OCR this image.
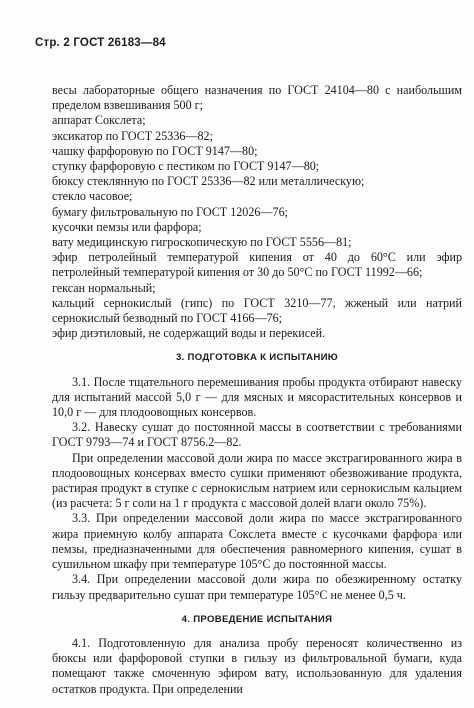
Стр. 2 ГОСТ 26183—84

весы лабораторные общего назначения по ГОСТ 24104—80 с наибольшим пределом взвешивания 500 г;

аппарат Сокслета;

эксикатор по ГОСТ 25336—82;

чашку фарфоровую по ГОСТ 9147—80;

ступку фарфоровую с пестиком по ГОСТ 9147—80;

бюксу стеклянную по ГОСТ 25336—82 или металлическую;

стекло часовое;

бумагу фильтровальную по ГОСТ 12026—76;

кусочки пемзы или фарфора;

вату медицинскую гигроскопическую по ГОСТ 5556—81;

эфир петролейный температурой кипения от 40 до 60°С или эфир петролейный температурой кипения от 30 до 50°С по ГОСТ 11992—66;

гексан нормальный;

кальций сернокислый (гипс) по ГОСТ 3210—77, жженый или натрий сернокислый безводный по ГОСТ 4166—76;

эфир диэтиловый, не содержащий воды и перекисей.

3. ПОДГОТОВКА К ИСПЫТАНИЮ

3.1. После тщательного перемешивания пробы продукта отбирают навеску для испытаний массой 5,0 г — для мясных и мясорастительных консервов и 10,0 г — для плодоовощных консервов.

3.2. Навеску сушат до постоянной массы в соответствии с требованиями ГОСТ 9793—74 и ГОСТ 8756.2—82.

При определении массовой доли жира по массе экстрагированного жира в плодоовощных консервах вместо сушки применяют обезвоживание продукта, растирая продукт в ступке с сернокислым натрием или сернокислым кальцием (из расчета: 5 г соли на 1 г продукта с массовой долей влаги около 75%).

3.3. При определении массовой доли жира по массе экстрагированного жира приемную колбу аппарата Сокслета вместе с кусочками фарфора или пемзы, предназначенными для обеспечения равномерного кипения, сушат в сушильном шкафу при температуре 105°С до постоянной массы.

3.4. При определении массовой доли жира по обезжиренному остатку гильзу предварительно сушат при температуре 105°С не менее 0,5 ч.

4. ПРОВЕДЕНИЕ ИСПЫТАНИЯ

4.1. Подготовленную для анализа пробу переносят количественно из бюксы или фарфоровой ступки в гильзу из фильтровальной бумаги, куда помещают также смоченную эфиром вату, использованную для удаления остатков продукта. При определении
